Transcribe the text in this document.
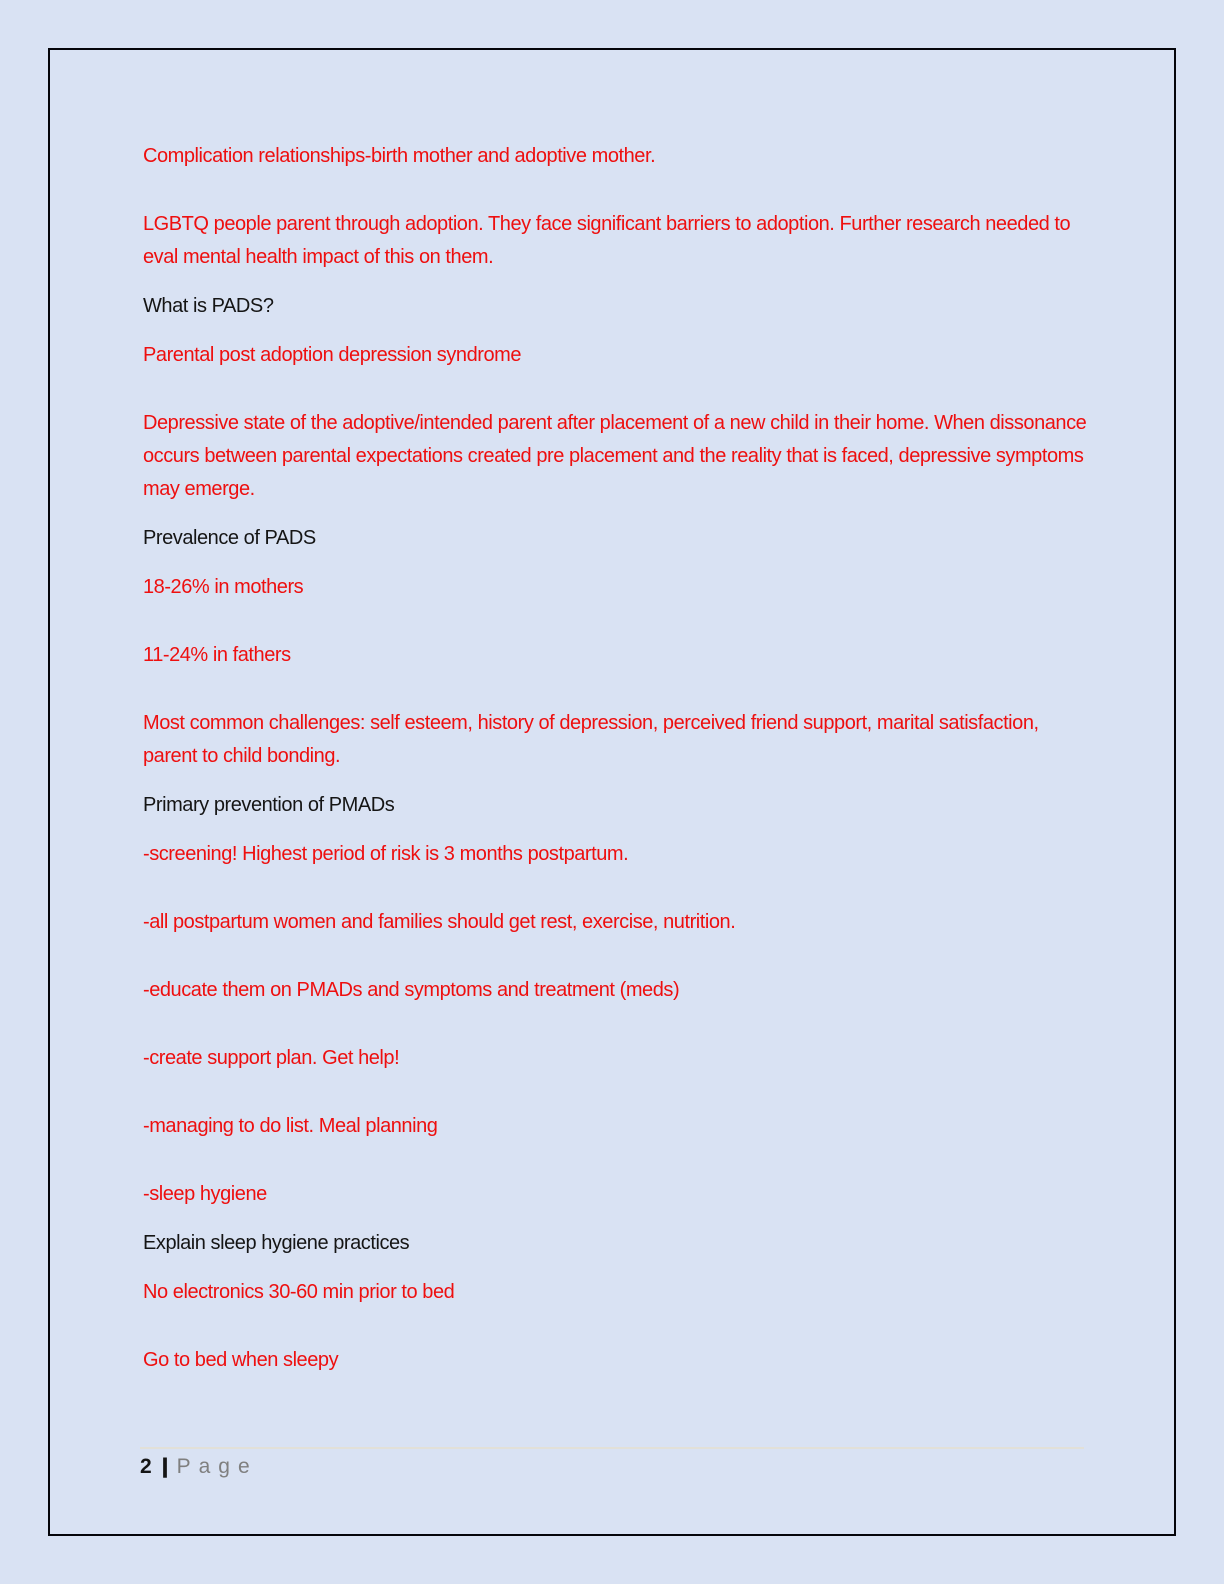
Complication relationships-birth mother and adoptive mother.

LGBTQ people parent through adoption. They face significant barriers to adoption. Further research needed to eval mental health impact of this on them.

What is PADS?

Parental post adoption depression syndrome

Depressive state of the adoptive/intended parent after placement of a new child in their home. When dissonance occurs between parental expectations created pre placement and the reality that is faced, depressive symptoms may emerge.

Prevalence of PADS

18-26% in mothers

11-24% in fathers

Most common challenges: self esteem, history of depression, perceived friend support, marital satisfaction, parent to child bonding.

Primary prevention of PMADs

-screening! Highest period of risk is 3 months postpartum.

-all postpartum women and families should get rest, exercise, nutrition.

-educate them on PMADs and symptoms and treatment (meds)

-create support plan. Get help!

-managing to do list. Meal planning

-sleep hygiene

Explain sleep hygiene practices

No electronics 30-60 min prior to bed

Go to bed when sleepy

2 | Page
